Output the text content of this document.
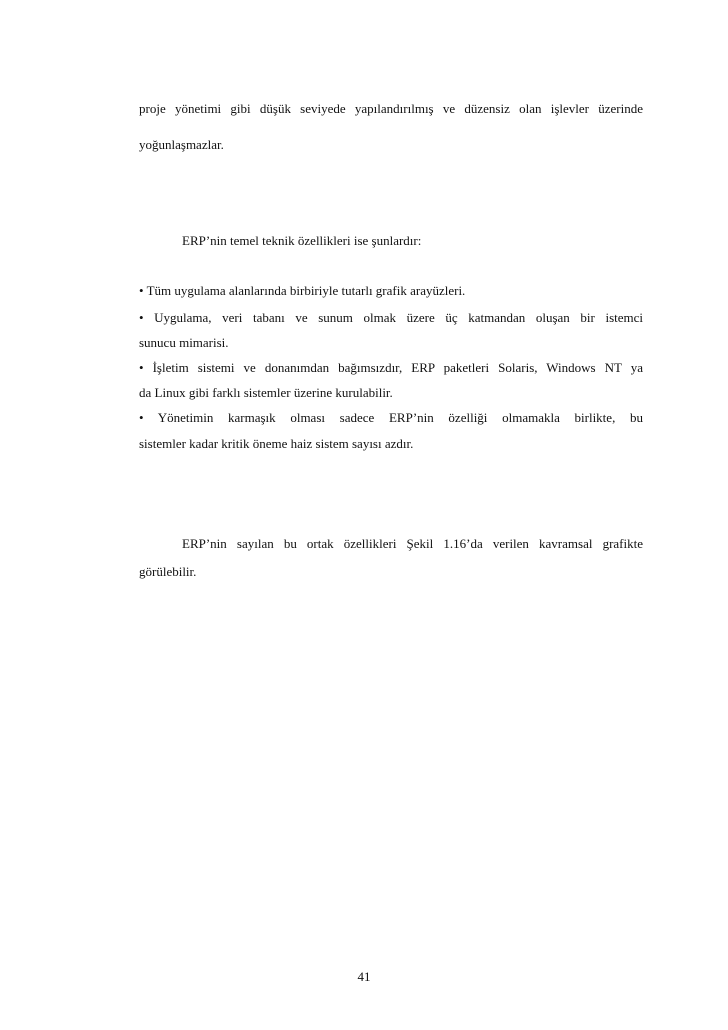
proje yönetimi gibi düşük seviyede yapılandırılmış ve düzensiz olan işlevler üzerinde
yoğunlaşmazlar.
ERP’nin temel teknik özellikleri ise şunlardır:
• Tüm uygulama alanlarında birbiriyle tutarlı grafik arayüzleri.
• Uygulama, veri tabanı ve sunum olmak üzere üç katmandan oluşan bir istemci
sunucu mimarisi.
• İşletim sistemi ve donanımdan bağımsızdır, ERP paketleri Solaris, Windows NT ya
da Linux gibi farklı sistemler üzerine kurulabilir.
• Yönetimin karmaşık olması sadece ERP’nin özelliği olmamakla birlikte, bu
sistemler kadar kritik öneme haiz sistem sayısı azdır.
ERP’nin sayılan bu ortak özellikleri Şekil 1.16’da verilen kavramsal grafikte
görülebilir.
41
